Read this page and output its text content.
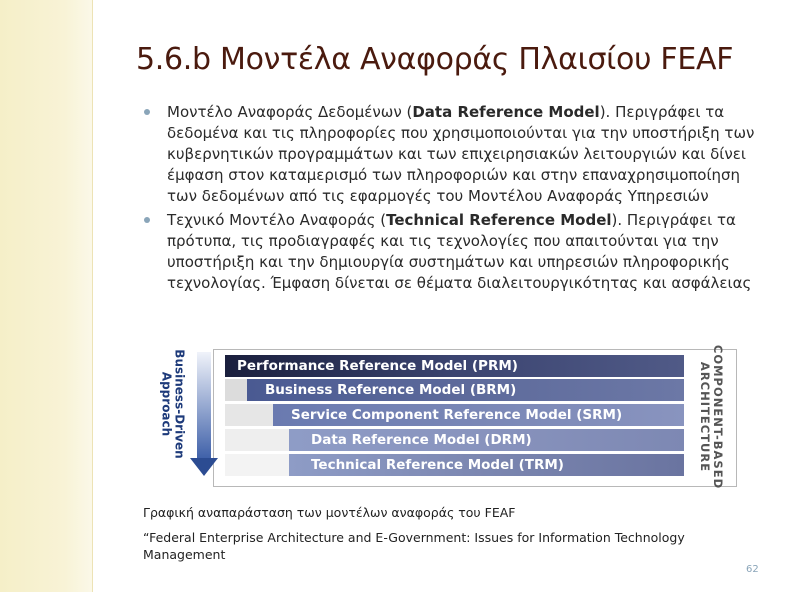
5.6.b Μοντέλα Αναφοράς Πλαισίου FEAF
Μοντέλο Αναφοράς Δεδομένων (Data Reference Model). Περιγράφει τα δεδομένα και τις πληροφορίες που χρησιμοποιούνται για την υποστήριξη των κυβερνητικών προγραμμάτων και των επιχειρησιακών λειτουργιών και δίνει έμφαση στον καταμερισμό των πληροφοριών και στην επαναχρησιμοποίηση των δεδομένων από τις εφαρμογές του Μοντέλου Αναφοράς Υπηρεσιών
Τεχνικό Μοντέλο Αναφοράς (Technical Reference Model). Περιγράφει τα πρότυπα, τις προδιαγραφές και τις τεχνολογίες που απαιτούνται για την υποστήριξη και την δημιουργία συστημάτων και υπηρεσιών πληροφορικής τεχνολογίας. Έμφαση δίνεται σε θέματα διαλειτουργικότητας και ασφάλειας
Business-Driven
Approach
Performance Reference Model (PRM)
Business Reference Model (BRM)
Service Component Reference Model (SRM)
Data Reference Model (DRM)
Technical Reference Model (TRM)	COMPONENT-BASED
ARCHITECTURE
Γραφική αναπαράσταση των μοντέλων αναφοράς του FEAF
“Federal Enterprise Architecture and E-Government: Issues for Information Technology Management
62
